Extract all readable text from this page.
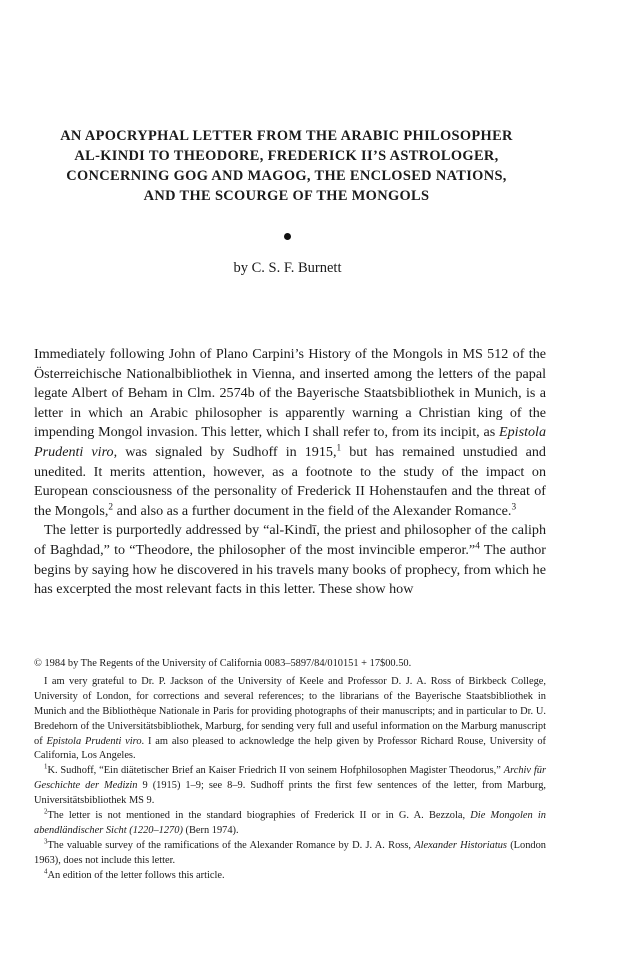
AN APOCRYPHAL LETTER FROM THE ARABIC PHILOSOPHER
AL-KINDI TO THEODORE, FREDERICK II’S ASTROLOGER,
CONCERNING GOG AND MAGOG, THE ENCLOSED NATIONS,
AND THE SCOURGE OF THE MONGOLS
by C. S. F. Burnett

Immediately following John of Plano Carpini’s History of the Mongols in MS 512 of the Österreichische Nationalbibliothek in Vienna, and inserted among the letters of the papal legate Albert of Beham in Clm. 2574b of the Bayerische Staatsbibliothek in Munich, is a letter in which an Arabic philosopher is apparently warning a Christian king of the impending Mongol invasion. This letter, which I shall refer to, from its incipit, as Epistola Prudenti viro, was signaled by Sudhoff in 1915,$^1$ but has remained unstudied and unedited. It merits attention, however, as a footnote to the study of the impact on European consciousness of the personality of Frederick II Hohenstaufen and the threat of the Mongols,$^2$ and also as a further document in the field of the Alexander Romance.$^3$

The letter is purportedly addressed by “al-Kindī, the priest and philosopher of the caliph of Baghdad,” to “Theodore, the philosopher of the most invincible emperor.”$^4$ The author begins by saying how he discovered in his travels many books of prophecy, from which he has excerpted the most relevant facts in this letter. These show how

© 1984 by The Regents of the University of California 0083–5897/84/010151 + 17$00.50.

I am very grateful to Dr. P. Jackson of the University of Keele and Professor D. J. A. Ross of Birkbeck College, University of London, for corrections and several references; to the librarians of the Bayerische Staatsbibliothek in Munich and the Bibliothèque Nationale in Paris for providing photographs of their manuscripts; and in particular to Dr. U. Bredehorn of the Universitätsbibliothek, Marburg, for sending very full and useful information on the Marburg manuscript of Epistola Prudenti viro. I am also pleased to acknowledge the help given by Professor Richard Rouse, University of California, Los Angeles.

$^1$K. Sudhoff, “Ein diätetischer Brief an Kaiser Friedrich II von seinem Hofphilosophen Magister Theodorus,” Archiv für Geschichte der Medizin 9 (1915) 1–9; see 8–9. Sudhoff prints the first few sentences of the letter, from Marburg, Universitätsbibliothek MS 9.

$^2$The letter is not mentioned in the standard biographies of Frederick II or in G. A. Bezzola, Die Mongolen in abendländischer Sicht (1220–1270) (Bern 1974).

$^3$The valuable survey of the ramifications of the Alexander Romance by D. J. A. Ross, Alexander Historiatus (London 1963), does not include this letter.

$^4$An edition of the letter follows this article.
